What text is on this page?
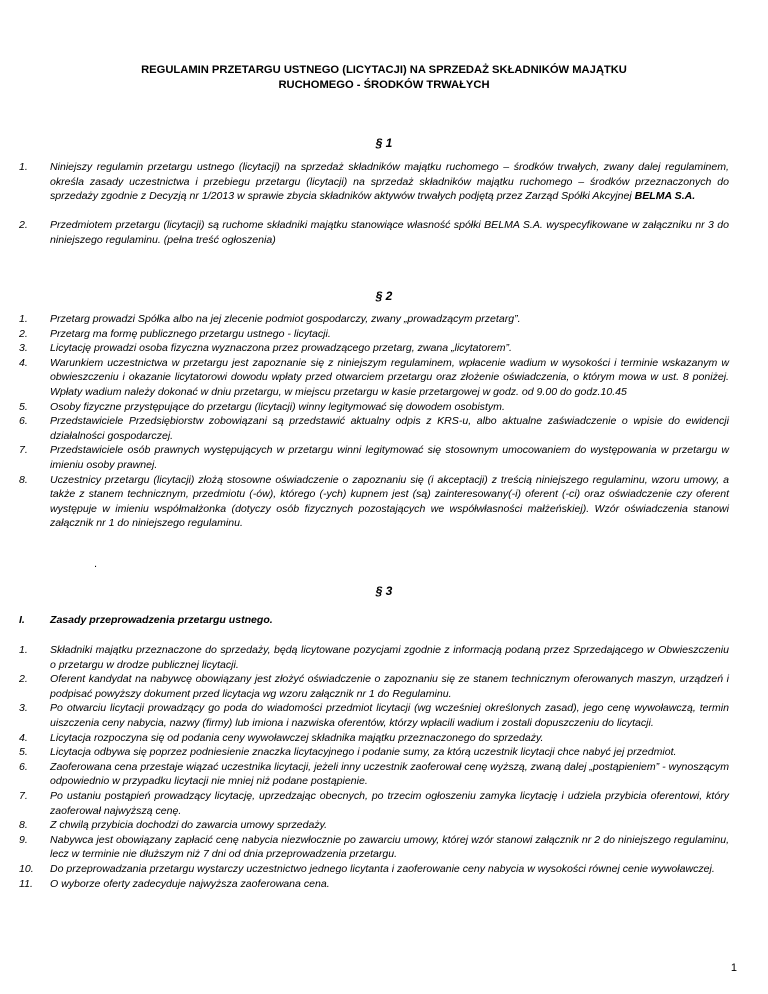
REGULAMIN PRZETARGU USTNEGO (LICYTACJI) NA SPRZEDAŻ SKŁADNIKÓW MAJĄTKU
RUCHOMEGO - ŚRODKÓW TRWAŁYCH
§ 1
1. Niniejszy regulamin przetargu ustnego (licytacji) na sprzedaż składników majątku ruchomego – środków trwałych, zwany dalej regulaminem, określa zasady uczestnictwa i przebiegu przetargu (licytacji) na sprzedaż składników majątku ruchomego – środków przeznaczonych do sprzedaży zgodnie z Decyzją nr 1/2013 w sprawie zbycia składników aktywów trwałych podjętą przez Zarząd Spółki Akcyjnej BELMA S.A.
2. Przedmiotem przetargu (licytacji) są ruchome składniki majątku stanowiące własność spółki BELMA S.A. wyspecyfikowane w załączniku nr 3 do niniejszego regulaminu. (pełna treść ogłoszenia)
§ 2
1. Przetarg prowadzi Spółka albo na jej zlecenie podmiot gospodarczy, zwany „prowadzącym przetarg”.
2. Przetarg ma formę publicznego przetargu ustnego - licytacji.
3. Licytację prowadzi osoba fizyczna wyznaczona przez prowadzącego przetarg, zwana „licytatorem”.
4. Warunkiem uczestnictwa w przetargu jest zapoznanie się z niniejszym regulaminem, wpłacenie wadium w wysokości i terminie wskazanym w obwieszczeniu i okazanie licytatorowi dowodu wpłaty przed otwarciem przetargu oraz złożenie oświadczenia, o którym mowa w ust. 8 poniżej. Wpłaty wadium należy dokonać w dniu przetargu, w miejscu przetargu w kasie przetargowej w godz. od 9.00 do godz.10.45
5. Osoby fizyczne przystępujące do przetargu (licytacji) winny legitymować się dowodem osobistym.
6. Przedstawiciele Przedsiębiorstw zobowiązani są przedstawić aktualny odpis z KRS-u, albo aktualne zaświadczenie o wpisie do ewidencji działalności gospodarczej.
7. Przedstawiciele osób prawnych występujących w przetargu winni legitymować się stosownym umocowaniem do występowania w przetargu w imieniu osoby prawnej.
8. Uczestnicy przetargu (licytacji) złożą stosowne oświadczenie o zapoznaniu się (i akceptacji) z treścią niniejszego regulaminu, wzoru umowy, a także z stanem technicznym, przedmiotu (-ów), którego (-ych) kupnem jest (są) zainteresowany(-i) oferent (-ci) oraz oświadczenie czy oferent występuje w imieniu współmałżonka (dotyczy osób fizycznych pozostających we współwłasności małżeńskiej). Wzór oświadczenia stanowi załącznik nr 1 do niniejszego regulaminu.
.
§ 3
I. Zasady przeprowadzenia przetargu ustnego.
1. Składniki majątku przeznaczone do sprzedaży, będą licytowane pozycjami zgodnie z informacją podaną przez Sprzedającego w Obwieszczeniu o przetargu w drodze publicznej licytacji.
2. Oferent kandydat na nabywcę obowiązany jest złożyć oświadczenie o zapoznaniu się ze stanem technicznym oferowanych maszyn, urządzeń i podpisać powyższy dokument przed licytacja wg wzoru załącznik nr 1 do Regulaminu.
3. Po otwarciu licytacji prowadzący go poda do wiadomości przedmiot licytacji (wg wcześniej określonych zasad), jego cenę wywoławczą, termin uiszczenia ceny nabycia, nazwy (firmy) lub imiona i nazwiska oferentów, którzy wpłacili wadium i zostali dopuszczeniu do licytacji.
4. Licytacja rozpoczyna się od podania ceny wywoławczej składnika majątku przeznaczonego do sprzedaży.
5. Licytacja odbywa się poprzez podniesienie znaczka licytacyjnego i podanie sumy, za którą uczestnik licytacji chce nabyć jej przedmiot.
6. Zaoferowana cena przestaje wiązać uczestnika licytacji, jeżeli inny uczestnik zaoferował cenę wyższą, zwaną dalej „postąpieniem” - wynoszącym odpowiednio w przypadku licytacji nie mniej niż podane postąpienie.
7. Po ustaniu postąpień prowadzący licytację, uprzedzając obecnych, po trzecim ogłoszeniu zamyka licytację i udziela przybicia oferentowi, który zaoferował najwyższą cenę.
8. Z chwilą przybicia dochodzi do zawarcia umowy sprzedaży.
9. Nabywca jest obowiązany zapłacić cenę nabycia niezwłocznie po zawarciu umowy, której wzór stanowi załącznik nr 2 do niniejszego regulaminu, lecz w terminie nie dłuższym niż 7 dni od dnia przeprowadzenia przetargu.
10. Do przeprowadzania przetargu wystarczy uczestnictwo jednego licytanta i zaoferowanie ceny nabycia w wysokości równej cenie wywoławczej.
11. O wyborze oferty zadecyduje najwyższa zaoferowana cena.
1
